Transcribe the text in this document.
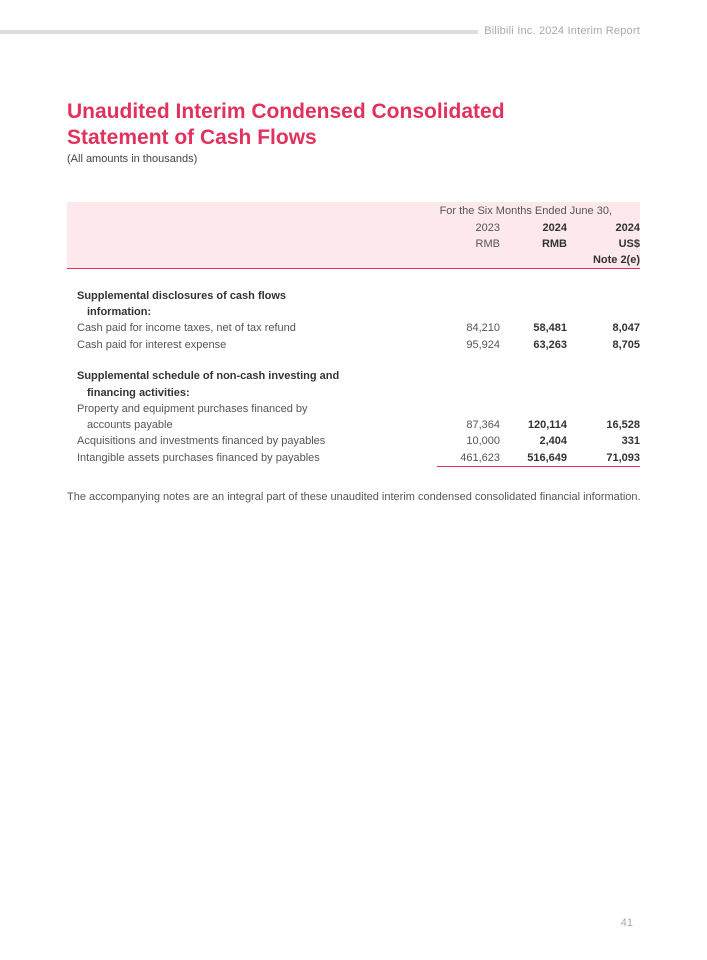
Bilibili Inc. 2024 Interim Report
Unaudited Interim Condensed Consolidated
Statement of Cash Flows
(All amounts in thousands)
For the Six Months Ended June 30,
2023	2024	2024
RMB	RMB	US$
Note 2(e)
Supplemental disclosures of cash flows
information:
Cash paid for income taxes, net of tax refund	84,210	58,481	8,047
Cash paid for interest expense	95,924	63,263	8,705
Supplemental schedule of non-cash investing and
financing activities:
Property and equipment purchases financed by
accounts payable	87,364	120,114	16,528
Acquisitions and investments financed by payables	10,000	2,404	331
Intangible assets purchases financed by payables	461,623	516,649	71,093
The accompanying notes are an integral part of these unaudited interim condensed consolidated financial information.
41
